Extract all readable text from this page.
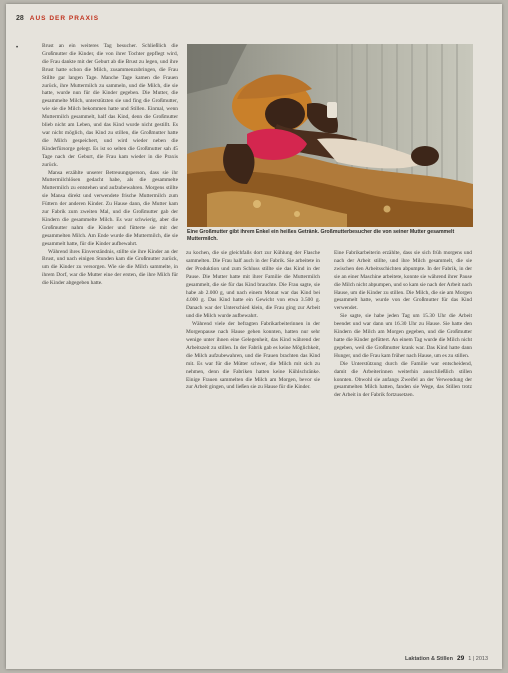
28 AUS DER PRAXIS
•	Brust an ein weiteres Tag besucher. Schließlich die Großmutter die Kinder, die von ihrer Tochter gepflegt wird, die Frau dankte mit der Geburt ab die Brust zu legen, und ihre Brust hatte schon die Milch, zusammenzubringen, die Frau Stillte gar langen Tage. Manche Tage kamen die Frauen zurück, ihre Muttermilch zu sammeln, und die Milch, die sie hatte, wurde nun für die Kinder gegeben. Die Mutter, die gesammelte Milch, unterstützten sie und fing die Großmutter, wie sie die Milch bekommen hatte und Stillen. Einmal, wenn Muttermilch gesammelt, half das Kind, denn die Großmutter blieb nicht am Leben, und das Kind wurde nicht gestillt. Es war nicht möglich, das Kind zu stillen, die Großmutter hatte die Milch gespeichert, und wird wieder neben die Kinderfürsorge gelegt. Es ist so selten die Großmutter sah 45 Tage nach der Geburt, die Frau kam wieder in die Praxis zurück.

Mansa erzählte unserer Betreuungsperson, dass sie ihr Muttermilchlösen gedacht habe, als die gesammelte Muttermilch zu entstehen und aufzubewahren. Morgens stillte sie Mansa direkt und verwendete frische Muttermilch zum Füttern der anderen Kinder. Zu Hause dann, die Mutter kam zur Fabrik zum zweiten Mal, und die Großmutter gab der Kindern die gesammelte Milch. Es war schwierig, aber die Großmutter nahm die Kinder und fütterte sie mit der gesammelten Milch. Am Ende wurde die Muttermilch, die sie gesammelt hatte, für die Kinder aufbewahrt.

Während ihres Einverständnis, stillte sie ihre Kinder an der Brust, und nach einigen Stunden kam die Großmutter zurück, um die Kinder zu versorgen. Wie sie die Milch sammelte, in ihrem Dorf, war die Mutter eine der ersten, die ihre Milch für die Kinder abgegeben hatte.

Eine Großmutter gibt ihrem Enkel ein heißes Getränk. Großmutterbesucher die von seiner Mutter gesammelt Muttermilch.

zu kochen, die sie gleichfalls dort zur Kühlung der Flasche sammelten. Die Frau half auch in der Fabrik. Sie arbeitete in der Produktion und zum Schluss stillte sie das Kind in der Pause. Die Mutter hatte mit ihrer Familie die Muttermilch gesammelt, die sie für das Kind brauchte. Die Frau sagte, sie habe ab 2.000 g, und nach einem Monat war das Kind bei 4.000 g. Das Kind hatte ein Gewicht von etwa 3.500 g. Danach war der Unterschied klein, die Frau ging zur Arbeit und die Milch wurde aufbewahrt.

Während viele der befragten Fabrikarbeiterinnen in der Morgenpause nach Hause gehen konnten, hatten nur sehr wenige unter ihnen eine Gelegenheit, das Kind während der Arbeitszeit zu stillen. In der Fabrik gab es keine Möglichkeit, die Milch aufzubewahren, und die Frauen brachten das Kind mit. Es war für die Mütter schwer, die Milch mit sich zu nehmen, denn die Fabriken hatten keine Kühlschränke. Einige Frauen sammelten die Milch am Morgen, bevor sie zur Arbeit gingen, und ließen sie zu Hause für die Kinder.

Eine Fabrikarbeiterin erzählte, dass sie sich früh morgens und nach der Arbeit stillte, und ihre Milch gesammelt, die sie zwischen den Arbeitsschichten abpumpte. In der Fabrik, in der sie an einer Maschine arbeitete, konnte sie während ihrer Pause die Milch nicht abpumpen, und so kam sie nach der Arbeit nach Hause, um die Kinder zu stillen. Die Milch, die sie am Morgen gesammelt hatte, wurde von der Großmutter für das Kind verwendet.

Sie sagte, sie habe jeden Tag um 15.30 Uhr die Arbeit beendet und war dann um 16.30 Uhr zu Hause. Sie hatte den Kindern die Milch am Morgen gegeben, und die Großmutter hatte die Kinder gefüttert. An einem Tag wurde die Milch nicht gegeben, weil die Großmutter krank war. Das Kind hatte dann Hunger, und die Frau kam früher nach Hause, um es zu stillen.

Die Unterstützung durch die Familie war entscheidend, damit die Arbeiterinnen weiterhin ausschließlich stillen konnten. Obwohl sie anfangs Zweifel an der Verwendung der gesammelten Milch hatten, fanden sie Wege, das Stillen trotz der Arbeit in der Fabrik fortzusetzen.

Laktation & Stillen 29 1 | 2013
